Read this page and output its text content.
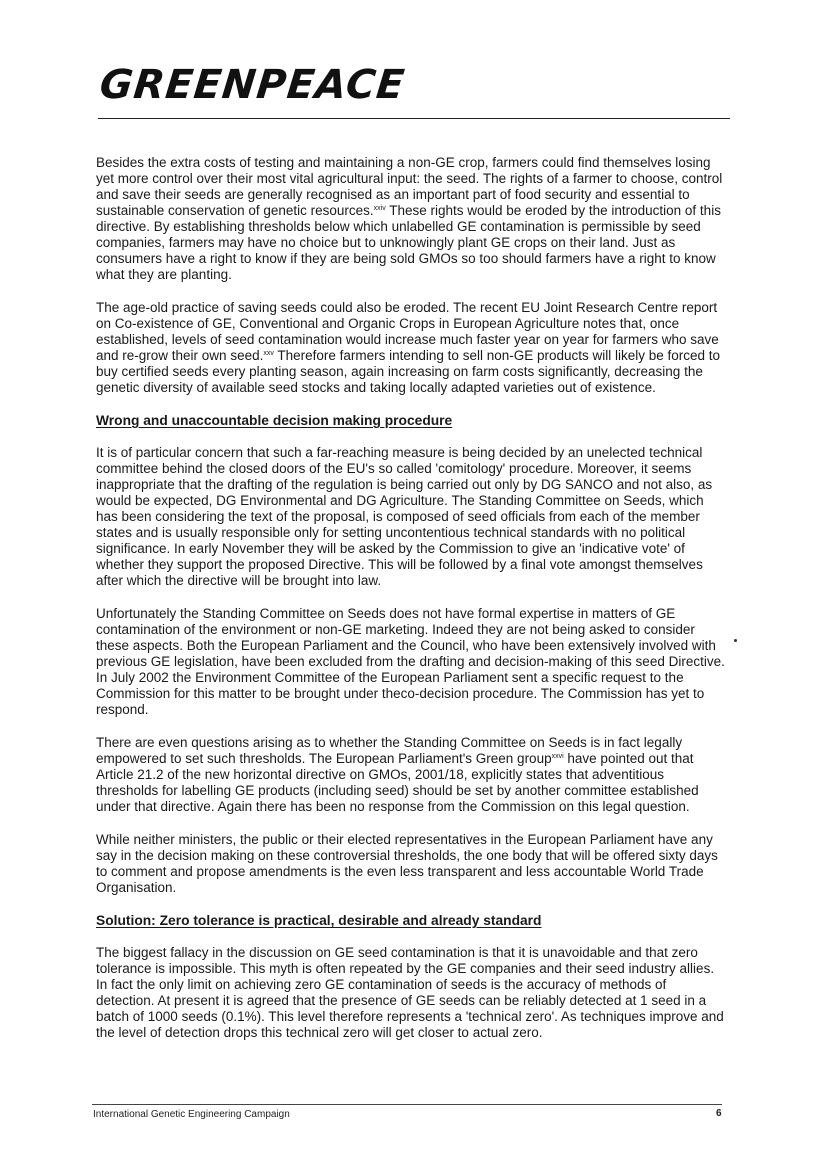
GREENPEACE

Besides the extra costs of testing and maintaining a non-GE crop, farmers could find themselves losing yet more control over their most vital agricultural input: the seed. The rights of a farmer to choose, control and save their seeds are generally recognised as an important part of food security and essential to sustainable conservation of genetic resources.$^{xxiv}$ These rights would be eroded by the introduction of this directive. By establishing thresholds below which unlabelled GE contamination is permissible by seed companies, farmers may have no choice but to unknowingly plant GE crops on their land. Just as consumers have a right to know if they are being sold GMOs so too should farmers have a right to know what they are planting.

The age-old practice of saving seeds could also be eroded. The recent EU Joint Research Centre report on Co-existence of GE, Conventional and Organic Crops in European Agriculture notes that, once established, levels of seed contamination would increase much faster year on year for farmers who save and re-grow their own seed.$^{xxv}$ Therefore farmers intending to sell non-GE products will likely be forced to buy certified seeds every planting season, again increasing on farm costs significantly, decreasing the genetic diversity of available seed stocks and taking locally adapted varieties out of existence.

Wrong and unaccountable decision making procedure

It is of particular concern that such a far-reaching measure is being decided by an unelected technical committee behind the closed doors of the EU's so called 'comitology' procedure. Moreover, it seems inappropriate that the drafting of the regulation is being carried out only by DG SANCO and not also, as would be expected, DG Environmental and DG Agriculture. The Standing Committee on Seeds, which has been considering the text of the proposal, is composed of seed officials from each of the member states and is usually responsible only for setting uncontentious technical standards with no political significance. In early November they will be asked by the Commission to give an 'indicative vote' of whether they support the proposed Directive. This will be followed by a final vote amongst themselves after which the directive will be brought into law.

Unfortunately the Standing Committee on Seeds does not have formal expertise in matters of GE contamination of the environment or non-GE marketing. Indeed they are not being asked to consider these aspects. Both the European Parliament and the Council, who have been extensively involved with previous GE legislation, have been excluded from the drafting and decision-making of this seed Directive. In July 2002 the Environment Committee of the European Parliament sent a specific request to the Commission for this matter to be brought under theco-decision procedure. The Commission has yet to respond.

There are even questions arising as to whether the Standing Committee on Seeds is in fact legally empowered to set such thresholds. The European Parliament's Green group$^{xxvi}$ have pointed out that Article 21.2 of the new horizontal directive on GMOs, 2001/18, explicitly states that adventitious thresholds for labelling GE products (including seed) should be set by another committee established under that directive. Again there has been no response from the Commission on this legal question.

While neither ministers, the public or their elected representatives in the European Parliament have any say in the decision making on these controversial thresholds, the one body that will be offered sixty days to comment and propose amendments is the even less transparent and less accountable World Trade Organisation.

Solution: Zero tolerance is practical, desirable and already standard

The biggest fallacy in the discussion on GE seed contamination is that it is unavoidable and that zero tolerance is impossible. This myth is often repeated by the GE companies and their seed industry allies. In fact the only limit on achieving zero GE contamination of seeds is the accuracy of methods of detection. At present it is agreed that the presence of GE seeds can be reliably detected at 1 seed in a batch of 1000 seeds (0.1%). This level therefore represents a 'technical zero'. As techniques improve and the level of detection drops this technical zero will get closer to actual zero.

International Genetic Engineering Campaign	6
